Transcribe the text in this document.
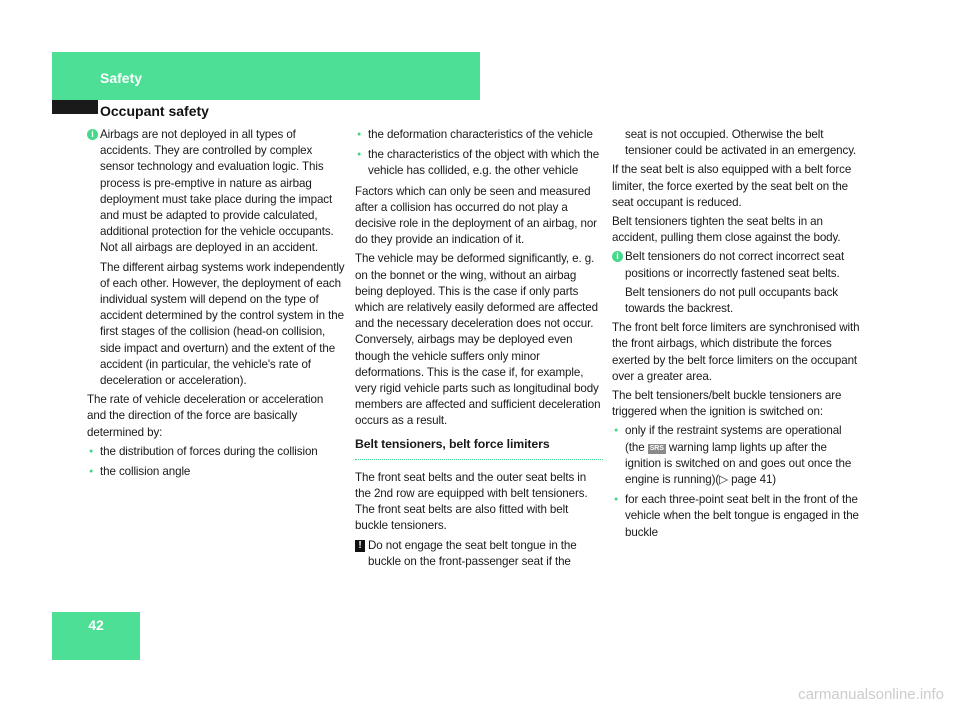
Safety
Occupant safety
i Airbags are not deployed in all types of accidents. They are controlled by complex sensor technology and evaluation logic. This process is pre-emptive in nature as airbag deployment must take place during the impact and must be adapted to provide calculated, additional protection for the vehicle occupants. Not all airbags are deployed in an accident.

The different airbag systems work independently of each other. However, the deployment of each individual system will depend on the type of accident determined by the control system in the first stages of the collision (head-on collision, side impact and overturn) and the extent of the accident (in particular, the vehicle's rate of deceleration or acceleration).

The rate of vehicle deceleration or acceleration and the direction of the force are basically determined by:

● the distribution of forces during the collision
● the collision angle
● the deformation characteristics of the vehicle
● the characteristics of the object with which the vehicle has collided, e.g. the other vehicle

Factors which can only be seen and measured after a collision has occurred do not play a decisive role in the deployment of an airbag, nor do they provide an indication of it.

The vehicle may be deformed significantly, e. g. on the bonnet or the wing, without an airbag being deployed. This is the case if only parts which are relatively easily deformed are affected and the necessary deceleration does not occur. Conversely, airbags may be deployed even though the vehicle suffers only minor deformations. This is the case if, for example, very rigid vehicle parts such as longitudinal body members are affected and sufficient deceleration occurs as a result.

Belt tensioners, belt force limiters

The front seat belts and the outer seat belts in the 2nd row are equipped with belt tensioners. The front seat belts are also fitted with belt buckle tensioners.

! Do not engage the seat belt tongue in the buckle on the front-passenger seat if the

seat is not occupied. Otherwise the belt tensioner could be activated in an emergency.

If the seat belt is also equipped with a belt force limiter, the force exerted by the seat belt on the seat occupant is reduced.

Belt tensioners tighten the seat belts in an accident, pulling them close against the body.

i Belt tensioners do not correct incorrect seat positions or incorrectly fastened seat belts.

Belt tensioners do not pull occupants back towards the backrest.

The front belt force limiters are synchronised with the front airbags, which distribute the forces exerted by the belt force limiters on the occupant over a greater area.

The belt tensioners/belt buckle tensioners are triggered when the ignition is switched on:

● only if the restraint systems are operational (the SRS warning lamp lights up after the ignition is switched on and goes out once the engine is running)(▷ page 41)
● for each three-point seat belt in the front of the vehicle when the belt tongue is engaged in the buckle
42
carmanualsonline.info
